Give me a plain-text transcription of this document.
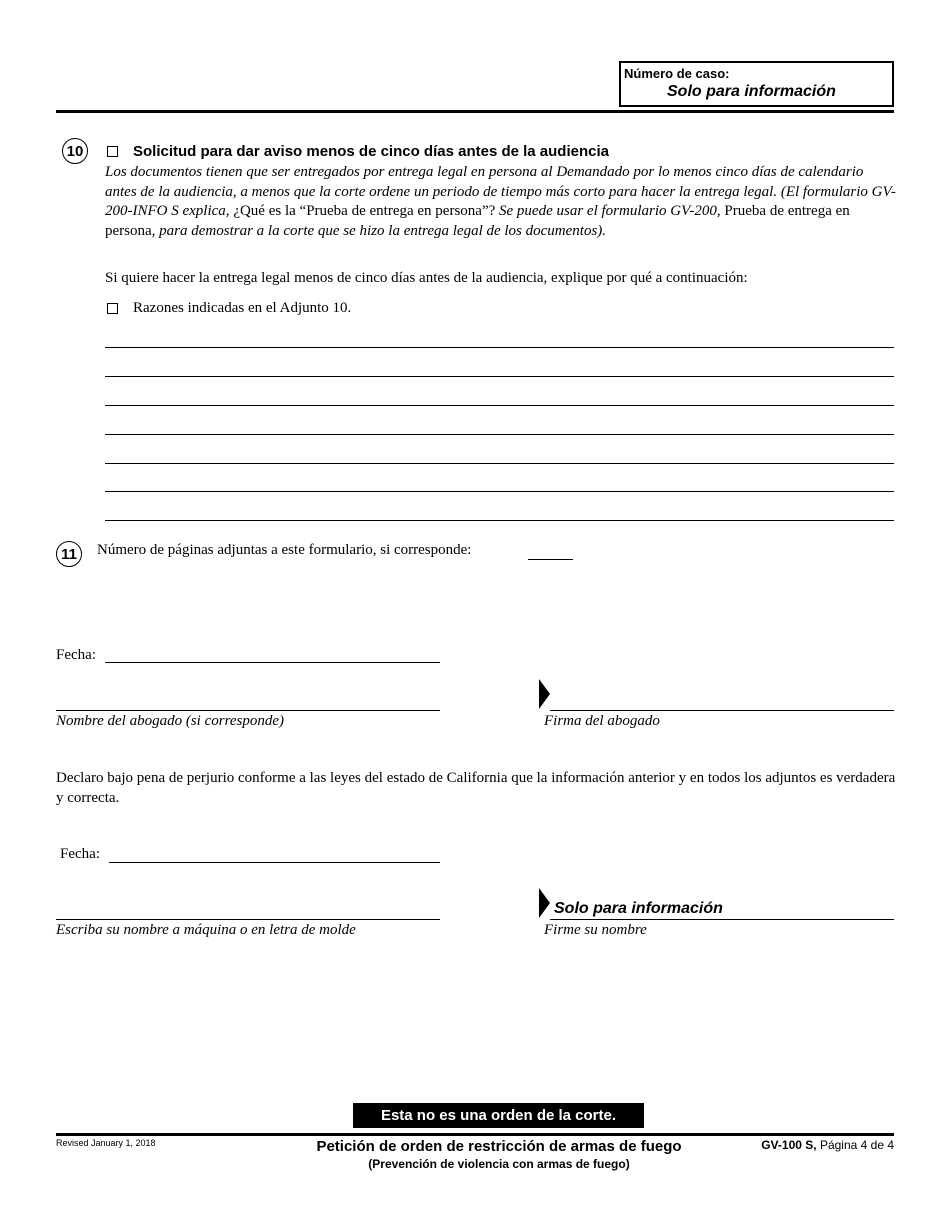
Número de caso:
Solo para información
10	Solicitud para dar aviso menos de cinco días antes de la audiencia
Los documentos tienen que ser entregados por entrega legal en persona al Demandado por lo menos cinco días de calendario antes de la audiencia, a menos que la corte ordene un periodo de tiempo más corto para hacer la entrega legal. (El formulario GV-200-INFO S explica, ¿Qué es la “Prueba de entrega en persona”? Se puede usar el formulario GV-200, Prueba de entrega en persona, para demostrar a la corte que se hizo la entrega legal de los documentos).
Si quiere hacer la entrega legal menos de cinco días antes de la audiencia, explique por qué a continuación:
Razones indicadas en el Adjunto 10.
11	Número de páginas adjuntas a este formulario, si corresponde:
Fecha:
Nombre del abogado (si corresponde)	Firma del abogado
Declaro bajo pena de perjurio conforme a las leyes del estado de California que la información anterior y en todos los adjuntos es verdadera y correcta.
Fecha:
Escriba su nombre a máquina o en letra de molde
Solo para información
Firme su nombre
Esta no es una orden de la corte.
Revised January 1, 2018	Petición de orden de restricción de armas de fuego
(Prevención de violencia con armas de fuego)
GV-100 S, Página 4 de 4
